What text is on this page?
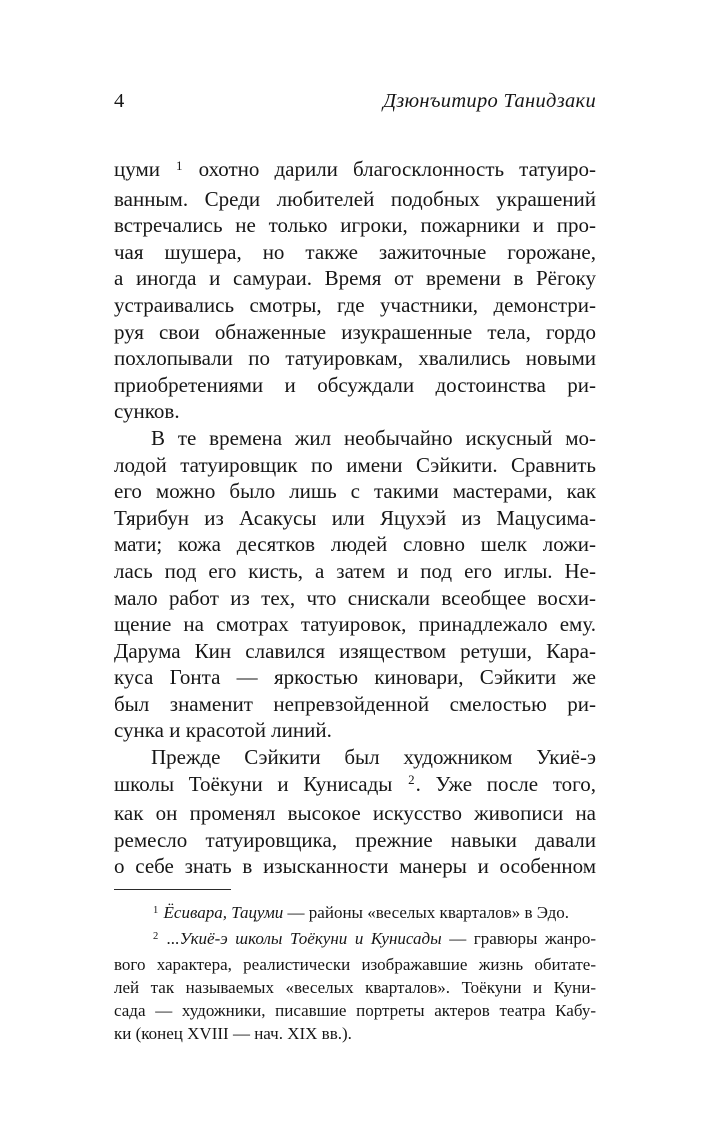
4	Дзюнъитиро Танидзаки
цуми $^1$ охотно дарили благосклонность татуиро-
ванным. Среди любителей подобных украшений
встречались не только игроки, пожарники и про-
чая шушера, но также зажиточные горожане,
а иногда и самураи. Время от времени в Рёгоку
устраивались смотры, где участники, демонстри-
руя свои обнаженные изукрашенные тела, гордо
похлопывали по татуировкам, хвалились новыми
приобретениями и обсуждали достоинства ри-
сунков.
В те времена жил необычайно искусный мо-
лодой татуировщик по имени Сэйкити. Сравнить
его можно было лишь с такими мастерами, как
Тярибун из Асакусы или Яцухэй из Мацусима-
мати; кожа десятков людей словно шелк ложи-
лась под его кисть, а затем и под его иглы. Не-
мало работ из тех, что снискали всеобщее восхи-
щение на смотрах татуировок, принадлежало ему.
Дарума Кин славился изяществом ретуши, Кара-
куса Гонта — яркостью киновари, Сэйкити же
был знаменит непревзойденной смелостью ри-
сунка и красотой линий.
Прежде Сэйкити был художником Укиё-э
школы Тоёкуни и Кунисады $^2$. Уже после того,
как он променял высокое искусство живописи на
ремесло татуировщика, прежние навыки давали
о себе знать в изысканности манеры и особенном
$^1$ Ёсивара, Тацуми — районы «веселых кварталов» в Эдо.
$^2$ ...Укиё-э школы Тоёкуни и Кунисады — гравюры жанро-
вого характера, реалистически изображавшие жизнь обитате-
лей так называемых «веселых кварталов». Тоёкуни и Куни-
сада — художники, писавшие портреты актеров театра Кабу-
ки (конец XVIII — нач. XIX вв.).
